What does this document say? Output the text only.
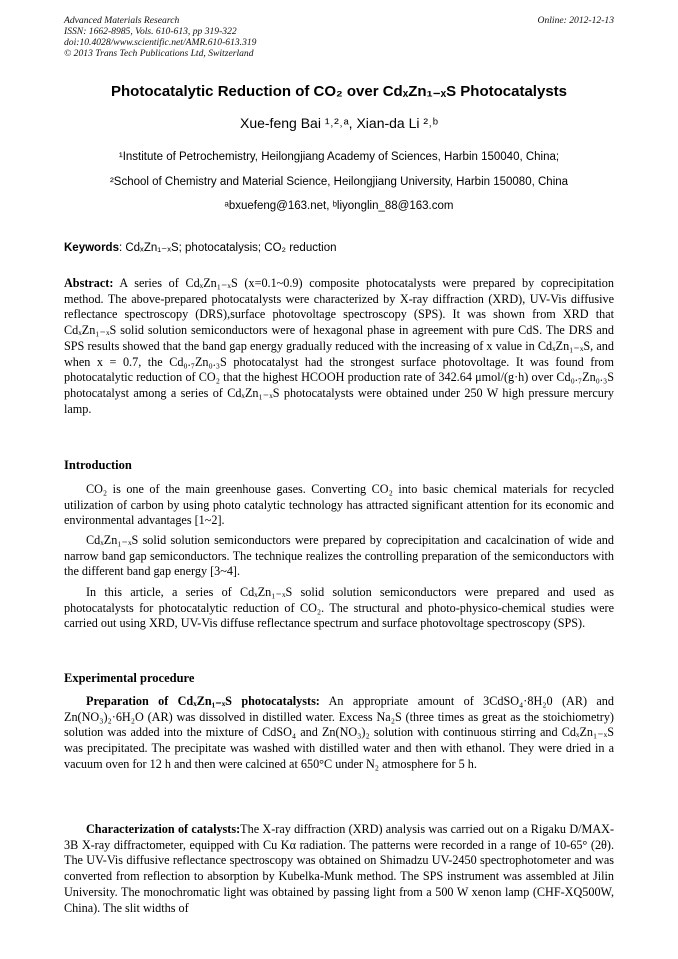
Advanced Materials Research
ISSN: 1662-8985, Vols. 610-613, pp 319-322
doi:10.4028/www.scientific.net/AMR.610-613.319
© 2013 Trans Tech Publications Ltd, Switzerland
Online: 2012-12-13
Photocatalytic Reduction of CO₂ over CdₓZn₁₋ₓS Photocatalysts
Xue-feng Bai ¹˒²˒ᵃ, Xian-da Li ²˒ᵇ
¹Institute of Petrochemistry, Heilongjiang Academy of Sciences, Harbin 150040, China;
²School of Chemistry and Material Science, Heilongjiang University, Harbin 150080, China
ᵃbxuefeng@163.net, ᵇliyonglin_88@163.com
Keywords: CdₓZn₁₋ₓS; photocatalysis; CO₂ reduction
Abstract: A series of CdₓZn₁₋ₓS (x=0.1~0.9) composite photocatalysts were prepared by coprecipitation method. The above-prepared photocatalysts were characterized by X-ray diffraction (XRD), UV-Vis diffusive reflectance spectroscopy (DRS),surface photovoltage spectroscopy (SPS). It was shown from XRD that CdₓZn₁₋ₓS solid solution semiconductors were of hexagonal phase in agreement with pure CdS. The DRS and SPS results showed that the band gap energy gradually reduced with the increasing of x value in CdₓZn₁₋ₓS, and when x = 0.7, the Cd₀.₇Zn₀.₃S photocatalyst had the strongest surface photovoltage. It was found from photocatalytic reduction of CO₂ that the highest HCOOH production rate of 342.64 μmol/(g·h) over Cd₀.₇Zn₀.₃S photocatalyst among a series of CdₓZn₁₋ₓS photocatalysts were obtained under 250 W high pressure mercury lamp.
Introduction
CO₂ is one of the main greenhouse gases. Converting CO₂ into basic chemical materials for recycled utilization of carbon by using photo catalytic technology has attracted significant attention for its economic and environmental advantages [1~2].
CdₓZn₁₋ₓS solid solution semiconductors were prepared by coprecipitation and cacalcination of wide and narrow band gap semiconductors. The technique realizes the controlling preparation of the semiconductors with the different band gap energy [3~4].
In this article, a series of CdₓZn₁₋ₓS solid solution semiconductors were prepared and used as photocatalysts for photocatalytic reduction of CO₂. The structural and photo-physico-chemical studies were carried out using XRD, UV-Vis diffuse reflectance spectrum and surface photovoltage spectroscopy (SPS).
Experimental procedure
Preparation of CdₓZn₁₋ₓS photocatalysts: An appropriate amount of 3CdSO₄·8H₂0 (AR) and Zn(NO₃)₂·6H₂O (AR) was dissolved in distilled water. Excess Na₂S (three times as great as the stoichiometry) solution was added into the mixture of CdSO₄ and Zn(NO₃)₂ solution with continuous stirring and CdₓZn₁₋ₓS was precipitated. The precipitate was washed with distilled water and then with ethanol. They were dried in a vacuum oven for 12 h and then were calcined at 650°C under N₂ atmosphere for 5 h.
Characterization of catalysts:The X-ray diffraction (XRD) analysis was carried out on a Rigaku D/MAX-3B X-ray diffractometer, equipped with Cu Kα radiation. The patterns were recorded in a range of 10-65° (2θ). The UV-Vis diffusive reflectance spectroscopy was obtained on Shimadzu UV-2450 spectrophotometer and was converted from reflection to absorption by Kubelka-Munk method. The SPS instrument was assembled at Jilin University. The monochromatic light was obtained by passing light from a 500 W xenon lamp (CHF-XQ500W, China). The slit widths of
